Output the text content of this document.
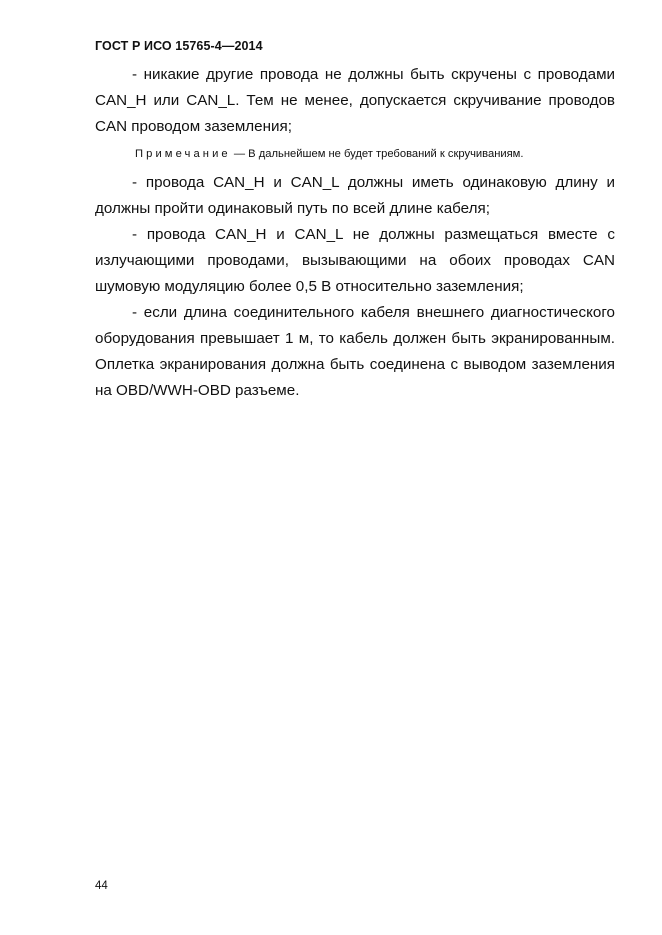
ГОСТ Р ИСО 15765-4—2014

- никакие другие провода не должны быть скручены с проводами CAN_H или CAN_L. Тем не менее, допускается скручивание проводов CAN проводом заземления;

Примечание — В дальнейшем не будет требований к скручиваниям.

- провода CAN_H и CAN_L должны иметь одинаковую длину и должны пройти одинаковый путь по всей длине кабеля;

- провода CAN_H и CAN_L не должны размещаться вместе с излучающими проводами, вызывающими на обоих проводах CAN шумовую модуляцию более 0,5 В относительно заземления;

- если длина соединительного кабеля внешнего диагностического оборудования превышает 1 м, то кабель должен быть экранированным. Оплетка экранирования должна быть соединена с выводом заземления на OBD/WWH-OBD разъеме.

44
